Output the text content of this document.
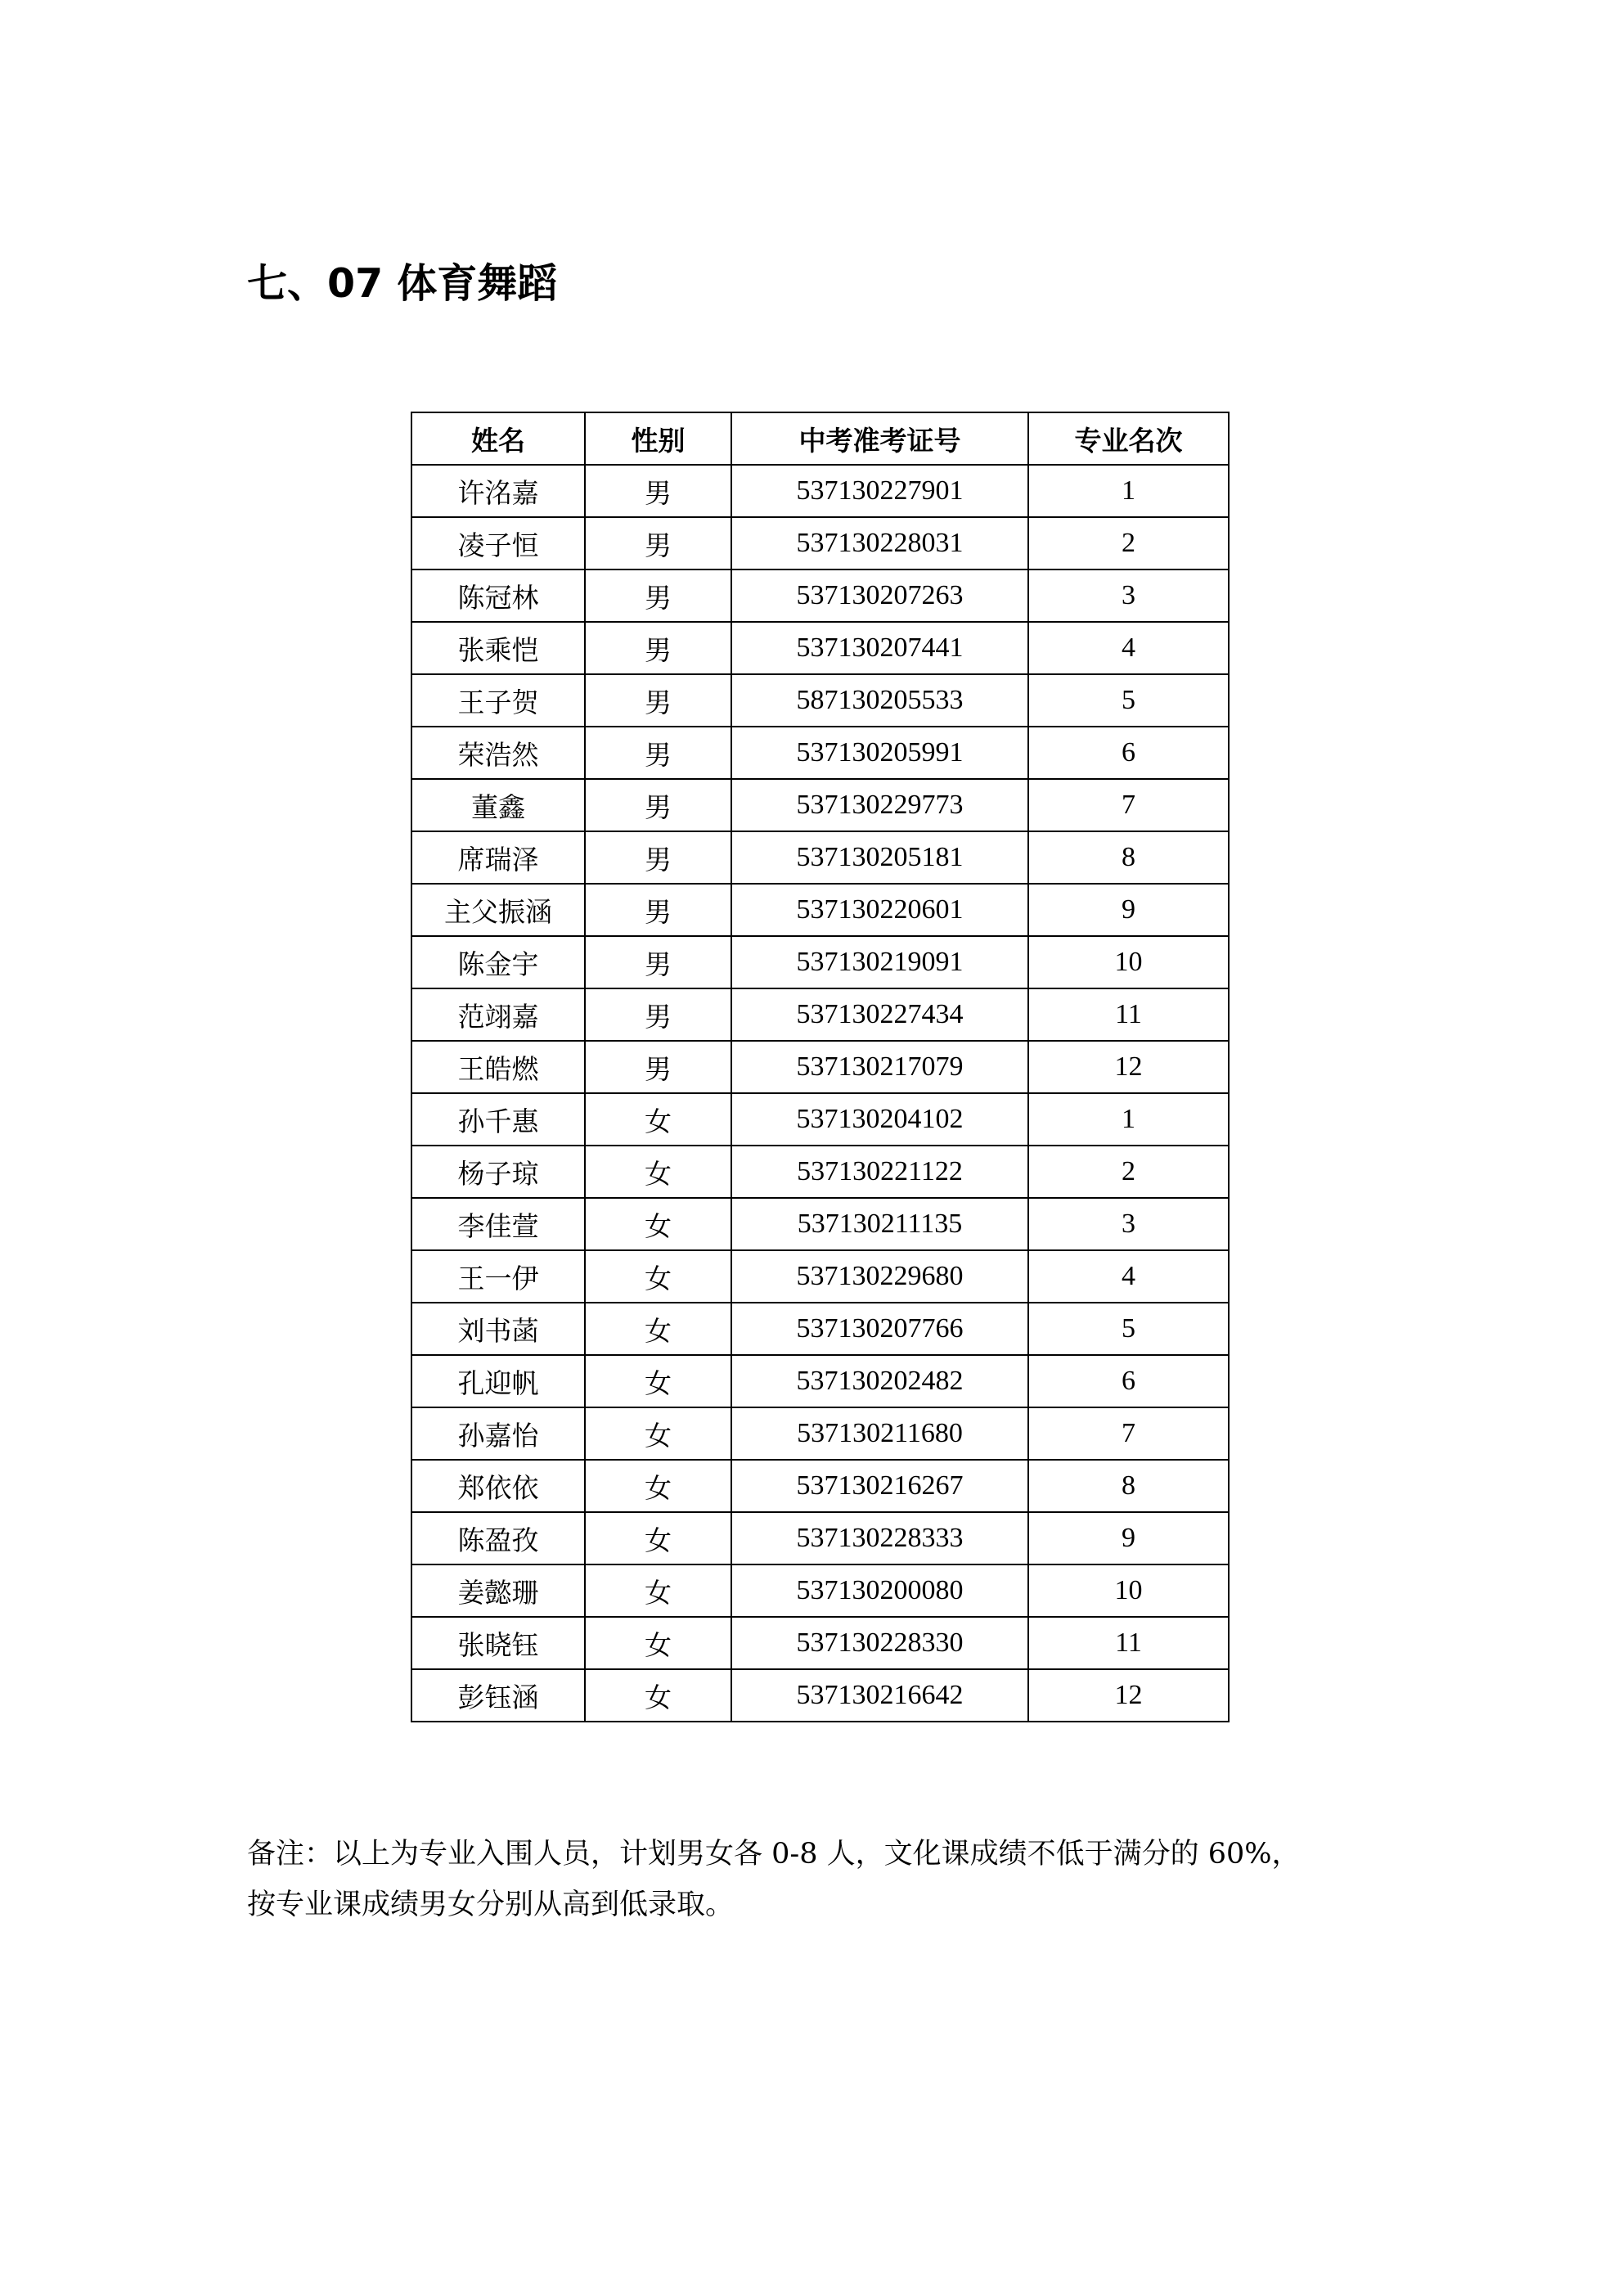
七、07 体育舞蹈
姓名	性别	中考准考证号	专业名次
许洺嘉	男	537130227901	1
凌子恒	男	537130228031	2
陈冠林	男	537130207263	3
张乘恺	男	537130207441	4
王子贺	男	587130205533	5
荣浩然	男	537130205991	6
董鑫	男	537130229773	7
席瑞泽	男	537130205181	8
主父振涵	男	537130220601	9
陈金宇	男	537130219091	10
范翊嘉	男	537130227434	11
王皓燃	男	537130217079	12
孙千惠	女	537130204102	1
杨子琼	女	537130221122	2
李佳萱	女	537130211135	3
王一伊	女	537130229680	4
刘书菡	女	537130207766	5
孔迎帆	女	537130202482	6
孙嘉怡	女	537130211680	7
郑依依	女	537130216267	8
陈盈孜	女	537130228333	9
姜懿珊	女	537130200080	10
张晓钰	女	537130228330	11
彭钰涵	女	537130216642	12

备注：以上为专业入围人员，计划男女各 0-8 人，文化课成绩不低于满分的 60%，

按专业课成绩男女分别从高到低录取。
